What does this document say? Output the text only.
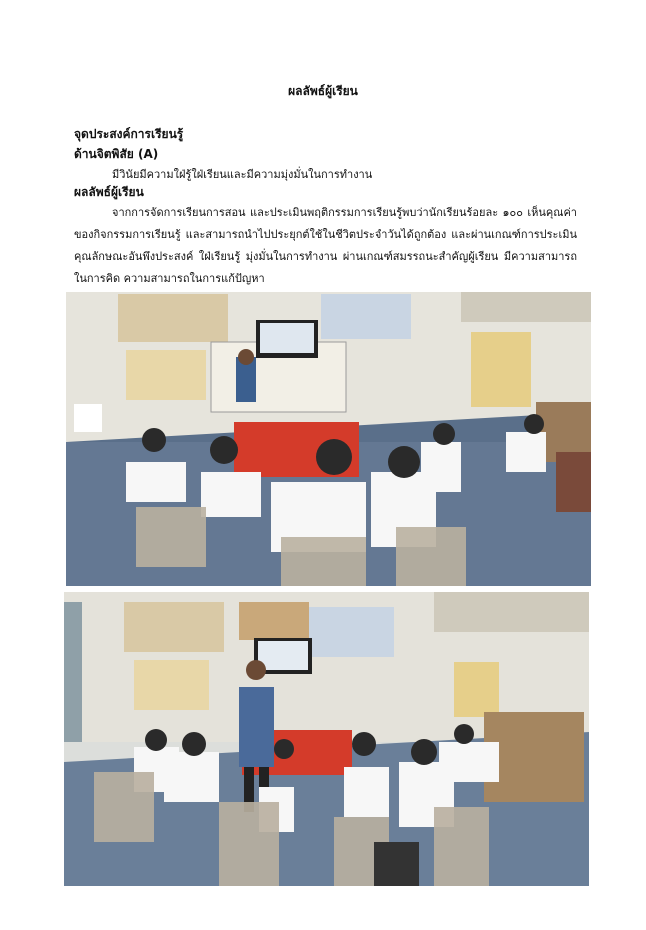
ผลลัพธ์ผู้เรียน
จุดประสงค์การเรียนรู้
ด้านจิตพิสัย (A)
มีวินัยมีความใฝ่รู้ใฝ่เรียนและมีความมุ่งมั่นในการทำงาน
ผลลัพธ์ผู้เรียน

จากการจัดการเรียนการสอน และประเมินพฤติกรรมการเรียนรู้พบว่านักเรียนร้อยละ ๑๐๐ เห็นคุณค่าของกิจกรรมการเรียนรู้ และสามารถนำไปประยุกต์ใช้ในชีวิตประจำวันได้ถูกต้อง และผ่านเกณฑ์การประเมินคุณลักษณะอันพึงประสงค์ ใฝ่เรียนรู้ มุ่งมั่นในการทำงาน ผ่านเกณฑ์สมรรถนะสำคัญผู้เรียน มีความสามารถในการคิด ความสามารถในการแก้ปัญหา
